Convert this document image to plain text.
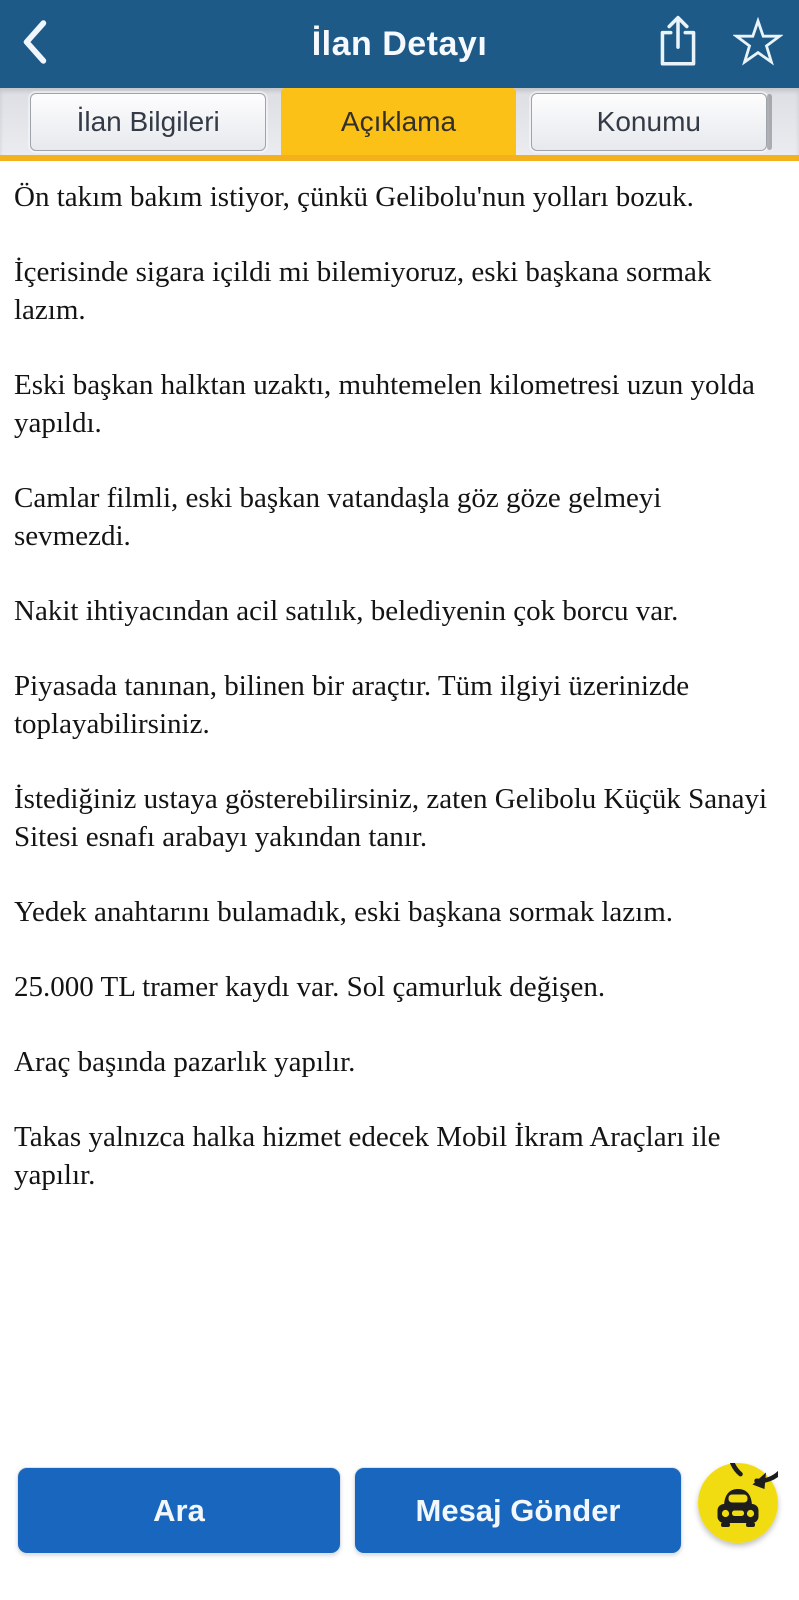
İlan Detayı
İlan Bilgileri	Açıklama	Konumu

Ön takım bakım istiyor, çünkü Gelibolu'nun yolları bozuk.

İçerisinde sigara içildi mi bilemiyoruz, eski başkana sormak lazım.

Eski başkan halktan uzaktı, muhtemelen kilometresi uzun yolda yapıldı.

Camlar filmli, eski başkan vatandaşla göz göze gelmeyi sevmezdi.

Nakit ihtiyacından acil satılık, belediyenin çok borcu var.

Piyasada tanınan, bilinen bir araçtır. Tüm ilgiyi üzerinizde toplayabilirsiniz.

İstediğiniz ustaya gösterebilirsiniz, zaten Gelibolu Küçük Sanayi Sitesi esnafı arabayı yakından tanır.

Yedek anahtarını bulamadık, eski başkana sormak lazım.

25.000 TL tramer kaydı var. Sol çamurluk değişen.

Araç başında pazarlık yapılır.

Takas yalnızca halka hizmet edecek Mobil İkram Araçları ile yapılır.

Ara	Mesaj Gönder
